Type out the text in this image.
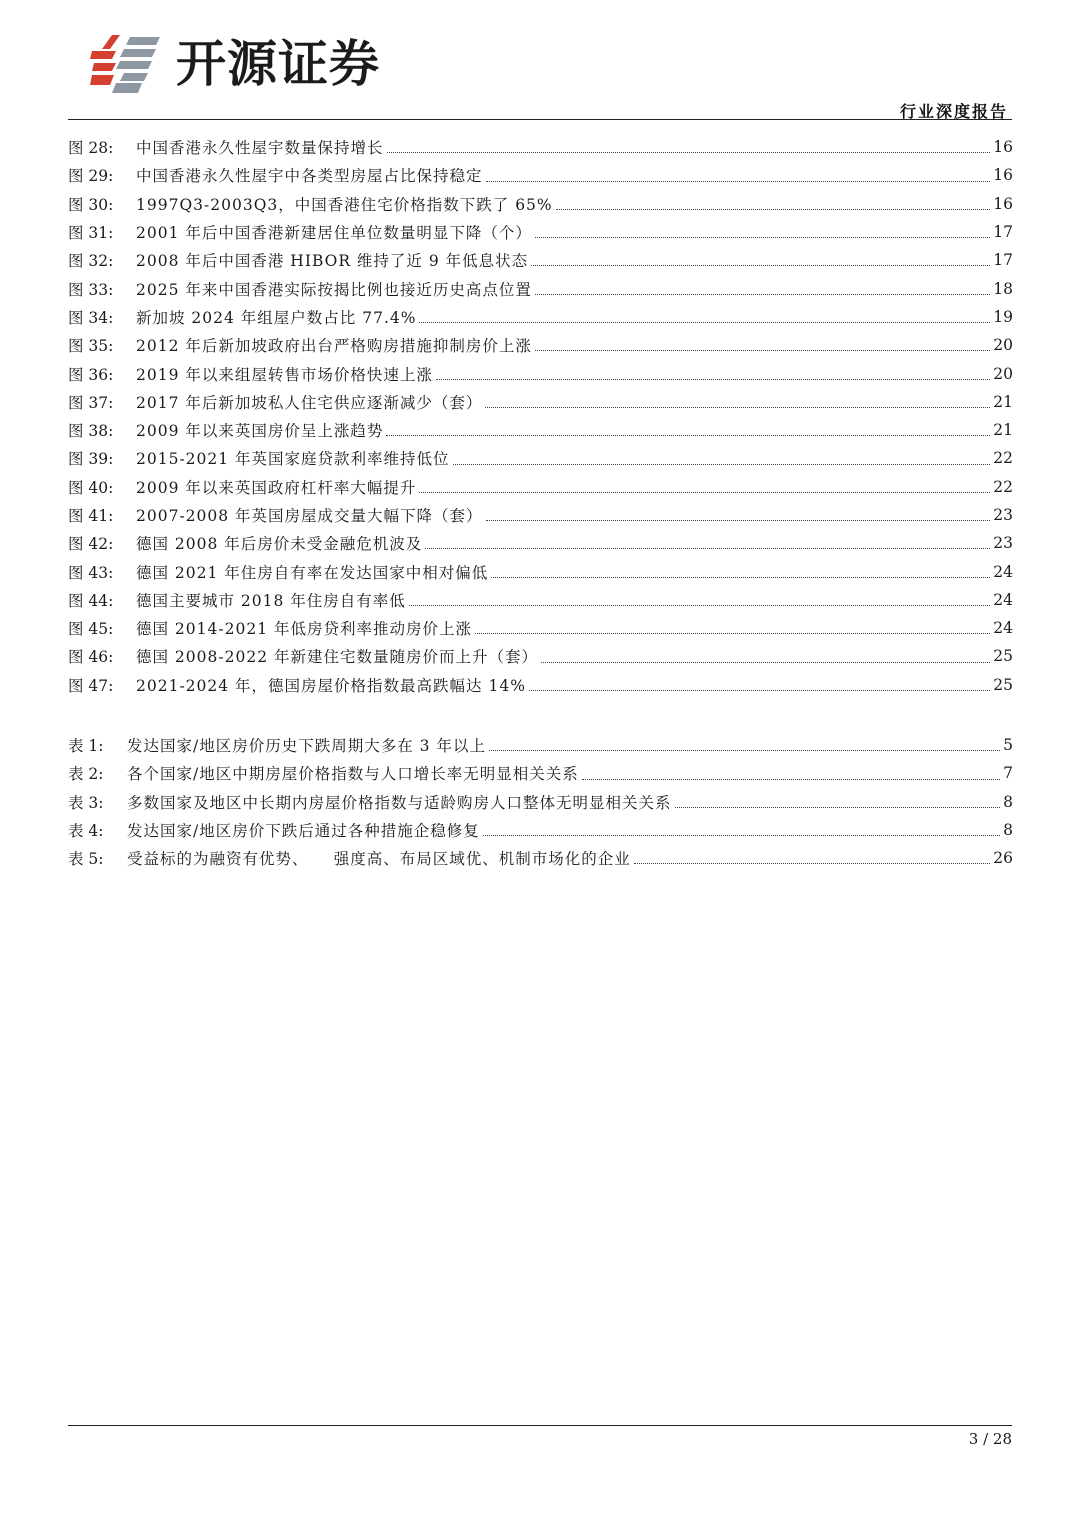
开源证券
行业深度报告
图 28:	中国香港永久性屋宇数量保持增长	16
图 29:	中国香港永久性屋宇中各类型房屋占比保持稳定	16
图 30:	1997Q3-2003Q3，中国香港住宅价格指数下跌了 65%	16
图 31:	2001 年后中国香港新建居住单位数量明显下降（个）	17
图 32:	2008 年后中国香港 HIBOR 维持了近 9 年低息状态	17
图 33:	2025 年来中国香港实际按揭比例也接近历史高点位置	18
图 34:	新加坡 2024 年组屋户数占比 77.4%	19
图 35:	2012 年后新加坡政府出台严格购房措施抑制房价上涨	20
图 36:	2019 年以来组屋转售市场价格快速上涨	20
图 37:	2017 年后新加坡私人住宅供应逐渐减少（套）	21
图 38:	2009 年以来英国房价呈上涨趋势	21
图 39:	2015-2021 年英国家庭贷款利率维持低位	22
图 40:	2009 年以来英国政府杠杆率大幅提升	22
图 41:	2007-2008 年英国房屋成交量大幅下降（套）	23
图 42:	德国 2008 年后房价未受金融危机波及	23
图 43:	德国 2021 年住房自有率在发达国家中相对偏低	24
图 44:	德国主要城市 2018 年住房自有率低	24
图 45:	德国 2014-2021 年低房贷利率推动房价上涨	24
图 46:	德国 2008-2022 年新建住宅数量随房价而上升（套）	25
图 47:	2021-2024 年，德国房屋价格指数最高跌幅达 14%	25
表 1:	发达国家/地区房价历史下跌周期大多在 3 年以上	5
表 2:	各个国家/地区中期房屋价格指数与人口增长率无明显相关关系	7
表 3:	多数国家及地区中长期内房屋价格指数与适龄购房人口整体无明显相关关系	8
表 4:	发达国家/地区房价下跌后通过各种措施企稳修复	8
表 5:	受益标的为融资有优势、　　强度高、布局区域优、机制市场化的企业	26
3 / 28
